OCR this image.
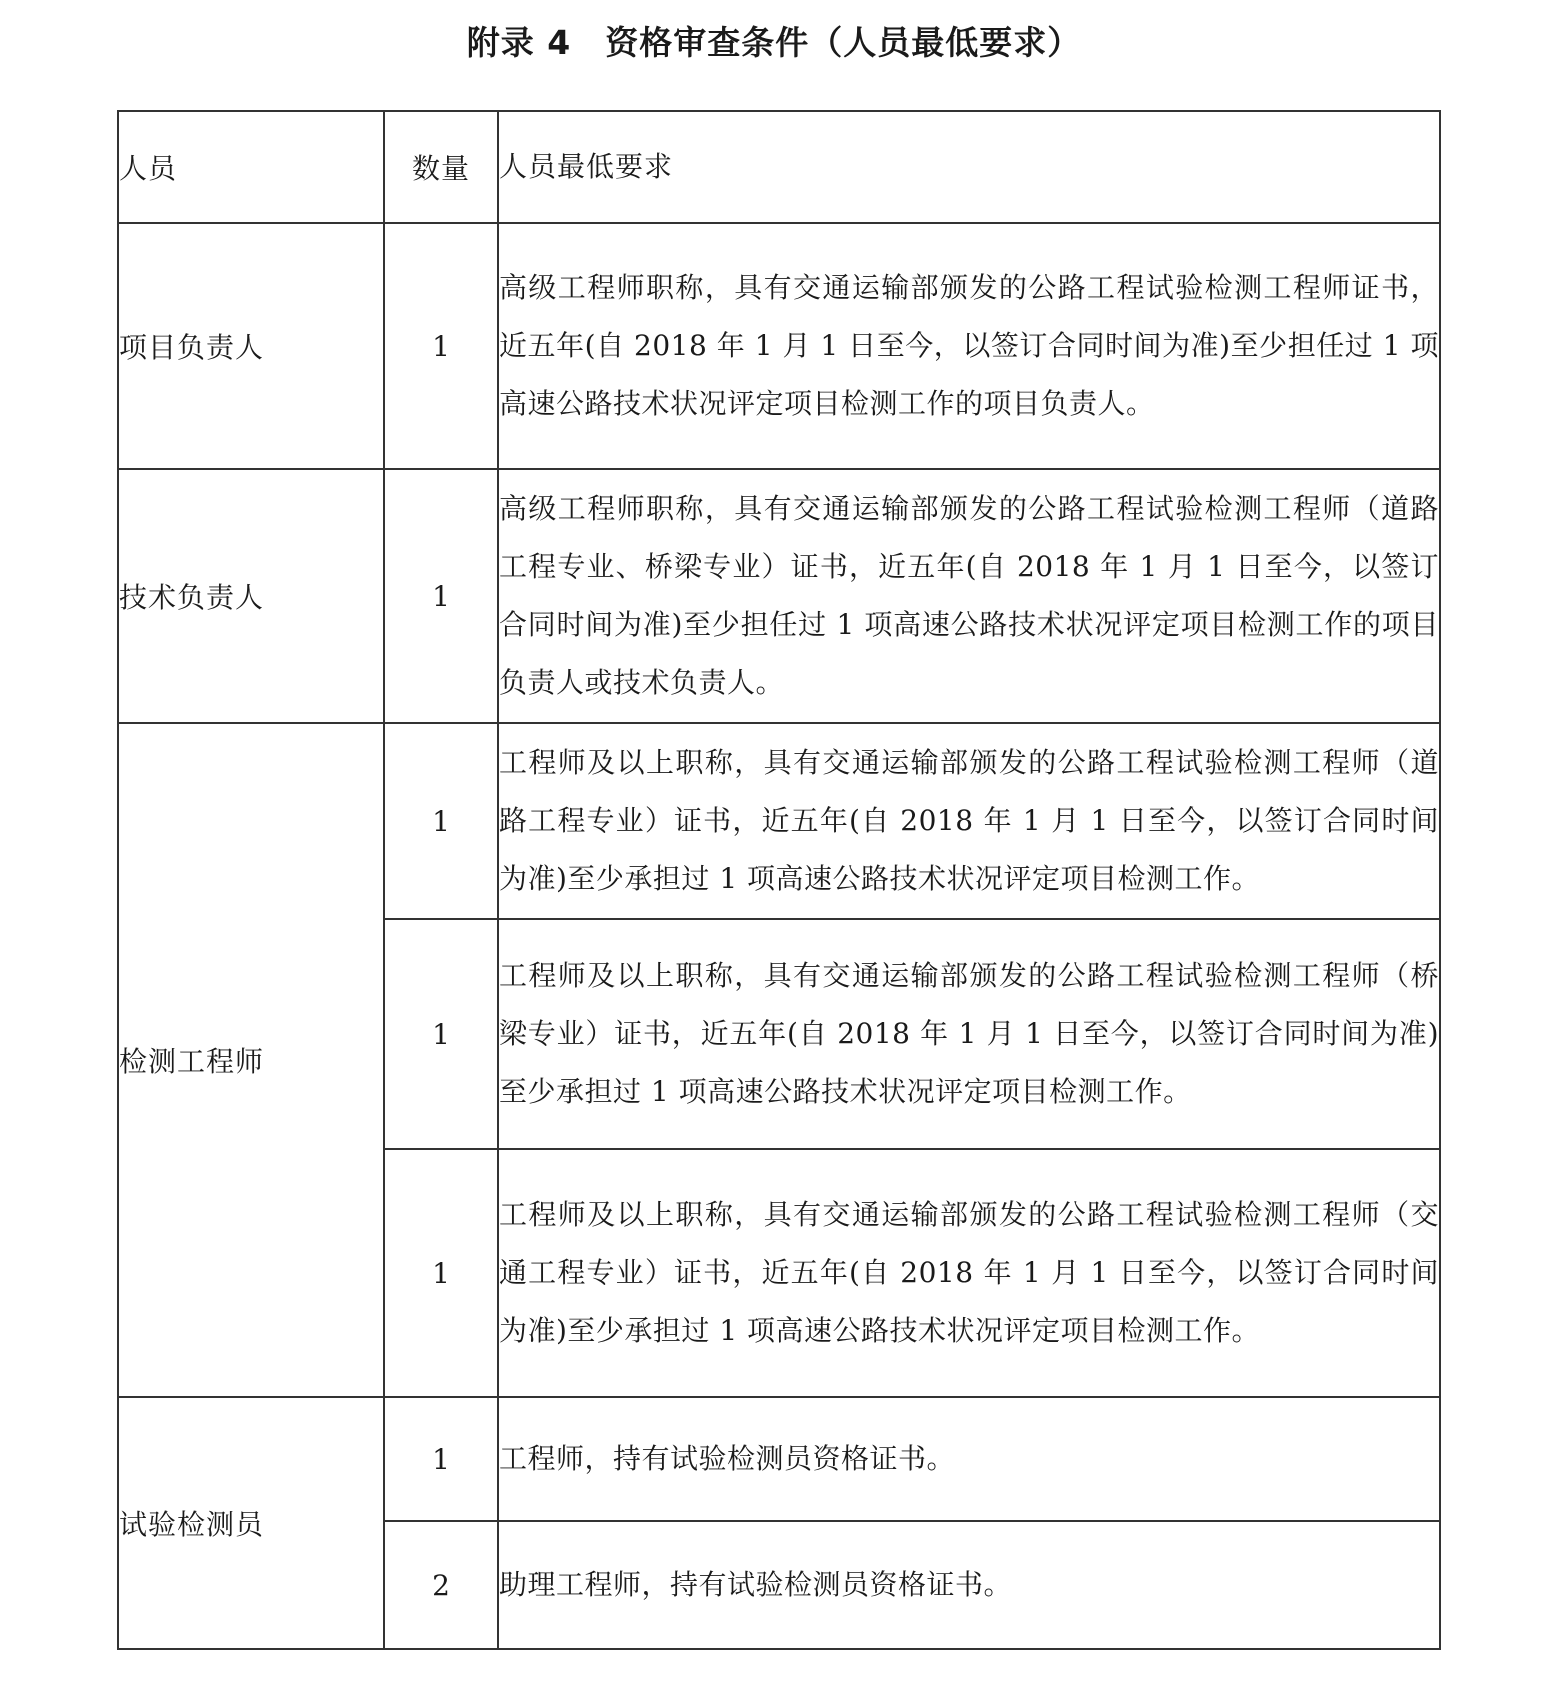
附录 4 资格审查条件（人员最低要求）
人员	数量	人员最低要求
项目负责人	1	高级工程师职称，具有交通运输部颁发的公路工程试验检测工程师证书，近五年(自 2018 年 1 月 1 日至今，以签订合同时间为准)至少担任过 1 项高速公路技术状况评定项目检测工作的项目负责人。
技术负责人	1	高级工程师职称，具有交通运输部颁发的公路工程试验检测工程师（道路工程专业、桥梁专业）证书，近五年(自 2018 年 1 月 1 日至今，以签订合同时间为准)至少担任过 1 项高速公路技术状况评定项目检测工作的项目负责人或技术负责人。
检测工程师	1	工程师及以上职称，具有交通运输部颁发的公路工程试验检测工程师（道路工程专业）证书，近五年(自 2018 年 1 月 1 日至今，以签订合同时间为准)至少承担过 1 项高速公路技术状况评定项目检测工作。
	1	工程师及以上职称，具有交通运输部颁发的公路工程试验检测工程师（桥梁专业）证书，近五年(自 2018 年 1 月 1 日至今，以签订合同时间为准)至少承担过 1 项高速公路技术状况评定项目检测工作。
	1	工程师及以上职称，具有交通运输部颁发的公路工程试验检测工程师（交通工程专业）证书，近五年(自 2018 年 1 月 1 日至今，以签订合同时间为准)至少承担过 1 项高速公路技术状况评定项目检测工作。
试验检测员	1	工程师，持有试验检测员资格证书。
	2	助理工程师，持有试验检测员资格证书。
